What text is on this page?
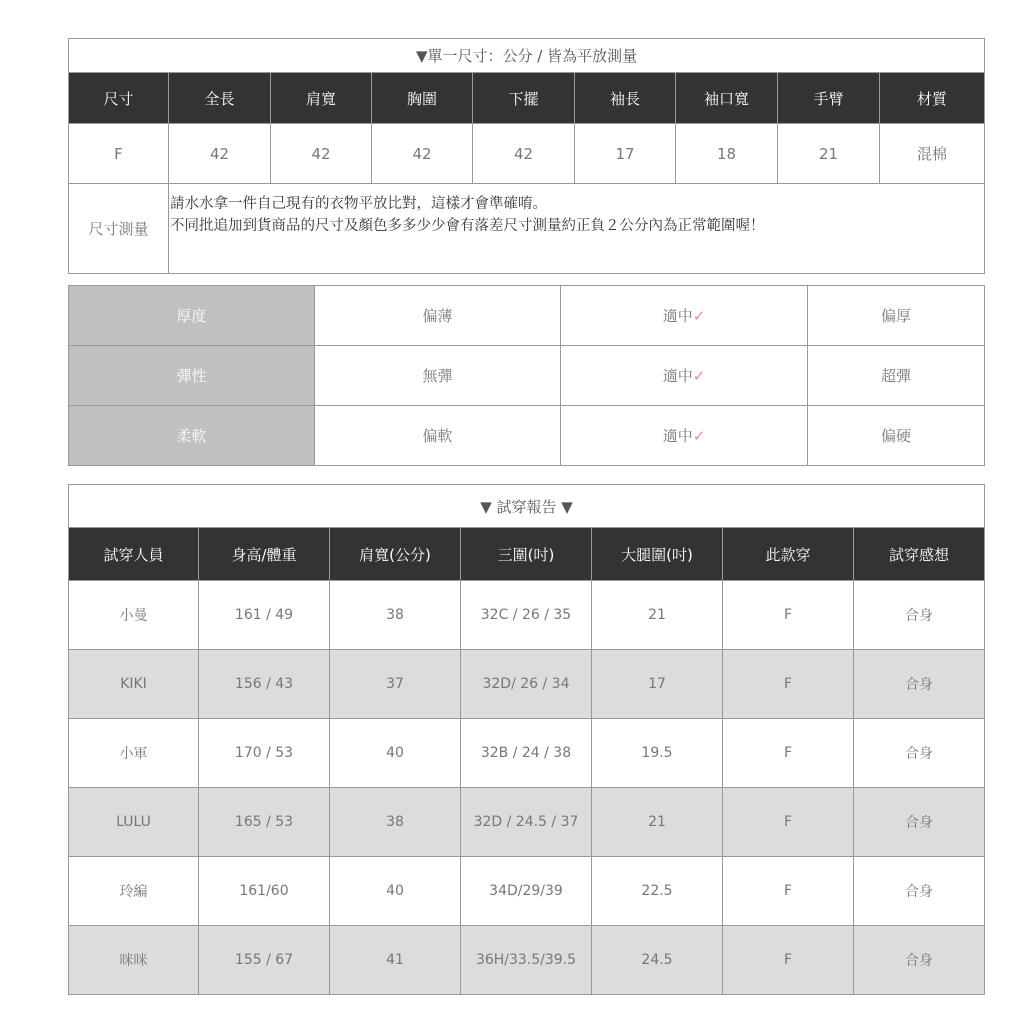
▼單一尺寸：公分 / 皆為平放測量								
尺寸	全長	肩寬	胸圍	下擺	袖長	袖口寬	手臂	材質
F	42	42	42	42	17	18	21	混棉
尺寸測量	請水水拿一件自己現有的衣物平放比對，這樣才會準確唷。
不同批追加到貨商品的尺寸及顏色多多少少會有落差尺寸測量約正負２公分內為正常範圍喔！							
厚度	偏薄	適中✓	偏厚
彈性	無彈	適中✓	超彈
柔軟	偏軟	適中✓	偏硬
▼ 試穿報告 ▼						
試穿人員	身高/體重	肩寬(公分)	三圍(吋)	大腿圍(吋)	此款穿	試穿感想
小曼	161 / 49	38	32C / 26 / 35	21	F	合身
KIKI	156 / 43	37	32D/ 26 / 34	17	F	合身
小軍	170 / 53	40	32B / 24 / 38	19.5	F	合身
LULU	165 / 53	38	32D / 24.5 / 37	21	F	合身
玲編	161/60	40	34D/29/39	22.5	F	合身
咪咪	155 / 67	41	36H/33.5/39.5	24.5	F	合身
